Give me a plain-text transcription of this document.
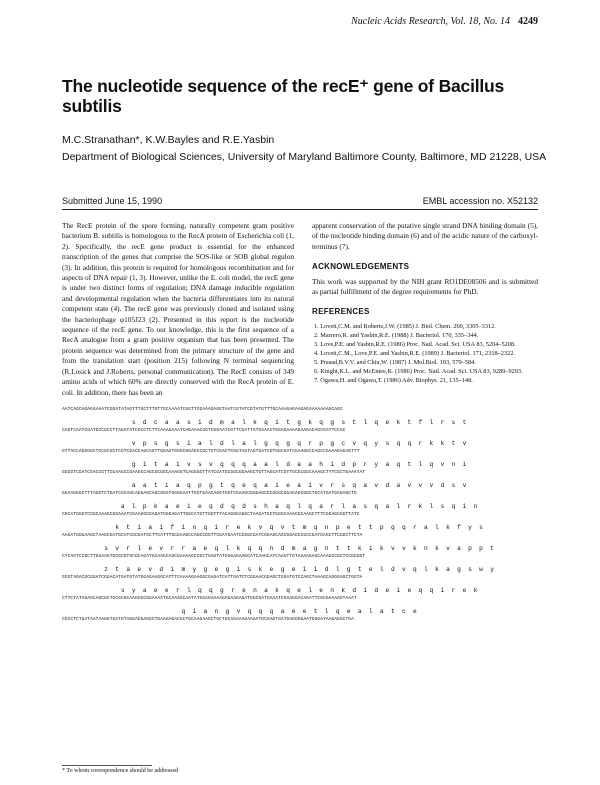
Nucleic Acids Research, Vol. 18, No. 14 4249
The nucleotide sequence of the recE⁺ gene of Bacillus subtilis
M.C.Stranathan*, K.W.Bayles and R.E.Yasbin
Department of Biological Sciences, University of Maryland Baltimore County, Baltimore, MD 21228, USA
Submitted June 15, 1990	EMBL accession no. X52132

The RecE protein of the spore forming, naturally competent gram positive bacterium B. subtilis is homologous to the RecA protein of Escherichia coli (1, 2). Specifically, the recE gene product is essential for the enhanced transcription of the genes that comprise the SOS-like or SOB global regulon (3). In addition, this protein is required for homologous recombination and for aspects of DNA repair (1, 3). However, unlike the E. coli model, the recE gene is under two distinct forms of regulation; DNA damage inducible regulation and developmental regulation when the bacteria differentiates into its natural competent state (4). The recE gene was previously cloned and isolated using the bacteriophage φ105J23 (2). Presented in this report is the nucleotide sequence of the recE gene. To our knowledge, this is the first sequence of a RecA analogue from a gram positive organism that has been presented. The protein sequence was determined from the primary structure of the gene and from the translation start (position 215) following N terminal sequencing (R.Losick and J.Roberts, personal communication). The RecE consists of 349 amino acids of which 60% are directly conserved with the RecA protein of E. coli. In addition, there has been an

apparent conservation of the putative single strand DNA binding domain (5), of the nucleotide binding domain (6) and of the acidic nature of the carboxyl-terminus (7).

ACKNOWLEDGEMENTS

This work was supported by the NIH grant RO1DE08506 and is submitted as partial fulfillment of the degree requirements for PhD.

REFERENCES

1. Lovett,C.M. and Roberts,J.W. (1985) J. Biol. Chem. 260, 3305–3312.
2. Marrero,R. and Yasbin,R.E. (1988) J. Bacteriol. 170, 335–344.
3. Love,P.E. and Yasbin,R.E. (1986) Proc. Natl. Acad. Sci. USA 83, 5204–5208.
4. Lovett,C.M., Love,P.E. and Yasbin,R.E. (1989) J. Bacteriol. 171, 2318–2322.
5. Prasad,B.V.V. and Chiu,W. (1987) J. Mol.Biol. 193, 579–584.
6. Knight,K.L. and McEntee,K. (1986) Proc. Natl. Acad. Sci. USA 83, 9289–9293.
7. Ogawa,H. and Ogawa,T. (1986) Adv. Biophys. 21, 135–148.
AATCAGCAGAGAAAATCGGATATAGTTTGCTTTGTTGCAAAATCGGTTCGAAAGAGGTAATCGTATCGTATGTTTGCAAAGAGAAGAGAAAAAAAGCAGC
s d c a a s i d m a l k q i t g k q g s t l q e k t f l r s t
CAGTCAATCGATGCCGCCTTAGATATCGCCTCTTCAAAGAAATCAGAAACGGTCGGAATCGTTCGATTATGAAACTGGAGAAAAGAAGACAGCGATTCCAC
v p s g s i a l d l a l g q g q r p g c v q y s q q r k k t v
GTTACCAGGGGCTCCGCGCTCGTCGACCAGCAGTTGGAGTGGGCGGAGCCGCTCTCGACTCGGTAGTAGTGATCGTGGCGATCGAAGGCCAGCCGAAAGAGAGTTT
g i t a i v s v q q q a a l d a a h i d p r y a q t l q v n i
GGCGTCGATCGACCGTTCGAAGCCGAAGCCAGCGCGGCAAAGGTCAGGGGTTATCGATGCGGCGGAAGCTGTTAGCATCGTTGCGCGGCAAAGCTTTCGCTGAAATAT
a a t i a q p g t q e q a i e a i v r s q a v d a v v v d s v
GGAAGGGCTTTAGGTCTGATCGCAGCAGGAGCAGCGGGTGGGGAATTGGTGAACAGGTGGTCGAAGCGGGAGCGCGGGCGGAGAGCGGCTGCATGATGAGAGCTG
a l p k a e i e q d q d s h a q l q a r l a s q a l r k l s q i n
CGCATGGGTCCGCAAAGCGGAAATCGAAGGCGAGATGGGAGATTGGCATGTTGGTTTACAGGGAGGCTAAGATGCTGGGCAAAGGCAAGCTTTCGGAGCGGTTATC
k t i a i f i n q i r e k v q v t m q n p e t t p q q r a l k f y s
AAGATGGGAAGCTAAGCGATGCATCGCGATGCTTCATTTGCGAAGCCAGCCGGTTCGATGAATCCGGCGATCGGAGCAGCGGAGCCGCCGATGAGCTTCGGCTTCTA
s v r l e v r r a e q l k q q n d m a g n t t k i k v v k n k v a p p t
CTCAGTCCGCTTGGAAGTGCGCGTGCGCAGATGCAAGCAGCGAAAAGCCGCTGAGTATGGGAGAAGCATCAAGCATCAAGTTGTAAAAGAGCAAAGCCGCTCCGCGGT
z t a e v d i m y g e g i s k e g e i i d l g t e l d v q l k a g s w y
GCGTAGACGCGGATCGGACATGATGTATGGAGAAGGCATTTCAAAAGAAGGCGAGATCATTGATCTCGGAACGGAGCTGGATGTCCAGCTAAAGCAGGGAGCTGGTA
s y a e e r l q q g r e n a k q e l e n k d i d e i e q q i r e k
CTTCTATAGAGCAGCGCTGCGCGCAAGGGCGGAAAATGCAAAGCAATATGGAGAAAAGAGAAGAGATGGCGATGAAATCGAAGGACAGATTCGCGAAAAGTAAAT
q i a n g v q q q a e e t l q e a l a t c e
CGCCTCTGATAATAAGGTGATGTAGGAGGAGGCTGAAGAGACGCTGCAAGAAGCTGCTGCAGAAAGAAGATGCGAGTGATGAGGGGAATGGGATAAGAGGCTGA
* To whom correspondence should be addressed
